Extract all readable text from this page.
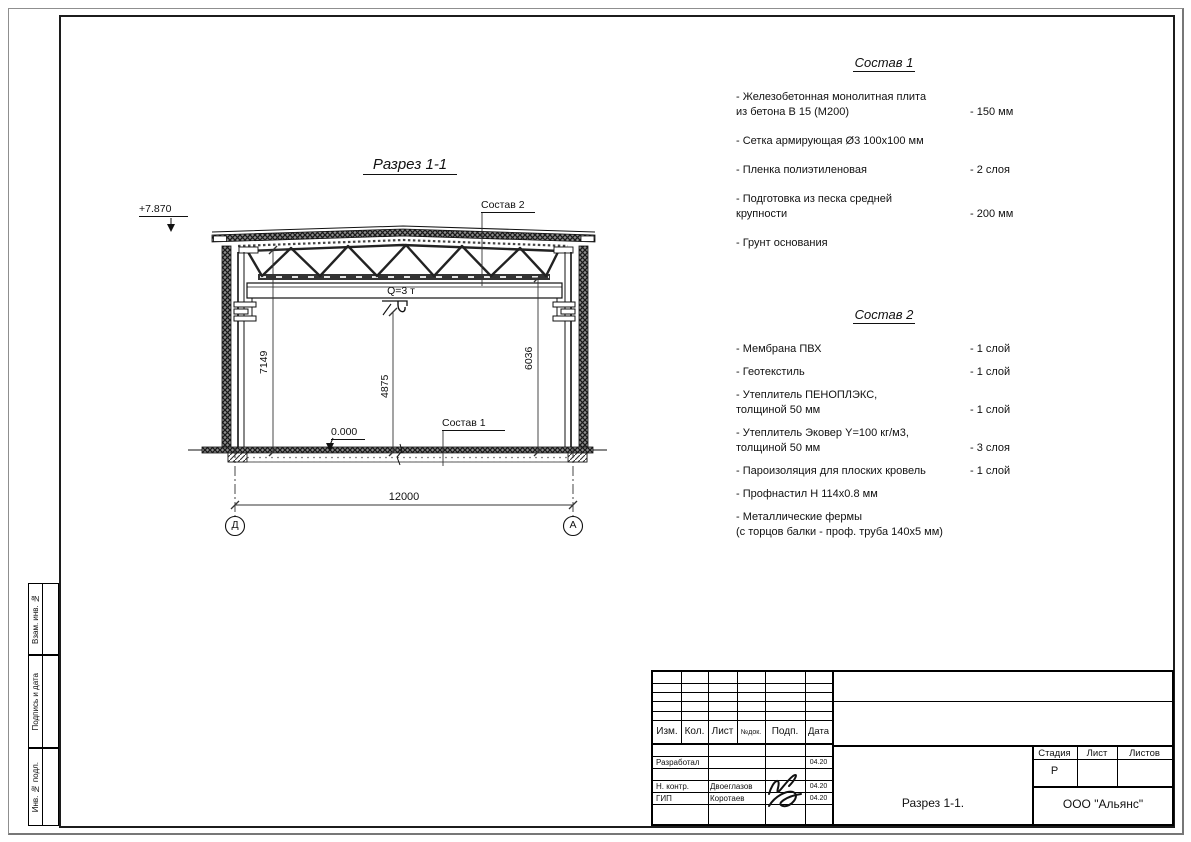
Разрез 1-1
+7.870	Состав 2
Состав 1
0.000
Q=3 т
12000
7149
4875
6036
Д	А
Состав 1
- Железобетонная монолитная плита
из бетона В 15 (М200)	- 150 мм
- Сетка армирующая Ø3 100x100 мм
- Пленка полиэтиленовая	- 2 слоя
- Подготовка из песка средней
крупности	- 200 мм
- Грунт основания
Состав 2
- Мембрана ПВХ	- 1 слой
- Геотекстиль	- 1 слой
- Утеплитель ПЕНОПЛЭКС,
толщиной 50 мм	- 1 слой
- Утеплитель Эковер Y=100 кг/м3,
толщиной 50 мм	- 3 слоя
- Пароизоляция для плоских кровель	- 1 слой
- Профнастил Н 114x0.8 мм
- Металлические фермы
(с торцов балки - проф. труба 140x5 мм)
Взам. инв. №
Подпись и дата
Инв. № подл.
Изм. Кол. Лист	№док.	Подп.	Дата
Разработал	04.20
Н. контр.	Двоеглазов	04.20
ГИП	Коротаев	04.20
Стадия	Лист	Листов
Р
Разрез 1-1.	ООО "Альянс"
